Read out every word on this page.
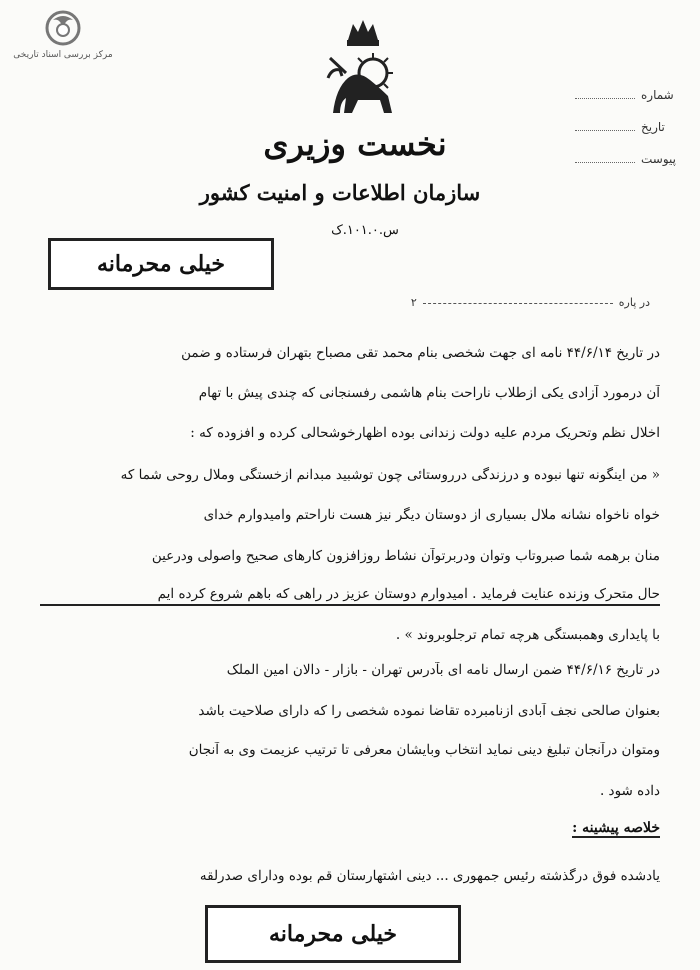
مرکز بررسی اسناد تاریخی
نخست وزیری
سازمان اطلاعات و امنیت کشور
س.۱۰۱.۰.ک
شماره
تاریخ
پیوست
خیلی محرمانه
در پاره۲
در تاریخ ۴۴/۶/۱۴ نامه ای جهت شخصی بنام محمد تقی مصباح بتهران فرستاده و ضمن
آن درمورد آزادی یکی ازطلاب ناراحت بنام هاشمی رفسنجانی که چندی پیش با تهام
اخلال نظم وتحریک مردم علیه دولت زندانی بوده اظهارخوشحالی کرده و افزوده که :
« من اینگونه تنها نبوده و درزندگی درروستائی چون توشبید مبدانم ازخستگی وملال روحی شما که
خواه ناخواه نشانه ملال بسیاری از دوستان دیگر نیز هست ناراحتم وامیدوارم خدای
منان برهمه شما صبروتاب وتوان ودربرتوآن نشاط روزافزون کارهای صحیح واصولی ودرعین
حال متحرک وزنده عنایت فرماید . امیدوارم دوستان عزیز در راهی که باهم شروع کرده ایم
با پایداری وهمبستگی هرچه تمام ترجلوبروند » .
در تاریخ ۴۴/۶/۱۶ ضمن ارسال نامه ای بآدرس تهران - بازار - دالان امین الملک
بعنوان صالحی نجف آبادی ازنامبرده تقاضا نموده شخصی را که دارای صلاحیت باشد
ومتوان درآنجان تبلیغ دینی نماید انتخاب وبایشان معرفی تا ترتیب عزیمت وی به آنجان
داده شود .
خلاصه پیشینه :
یادشده فوق درگذشته رئیس جمهوری ... دینی اشتهارستان قم بوده ودارای صدرلقه
خیلی محرمانه
